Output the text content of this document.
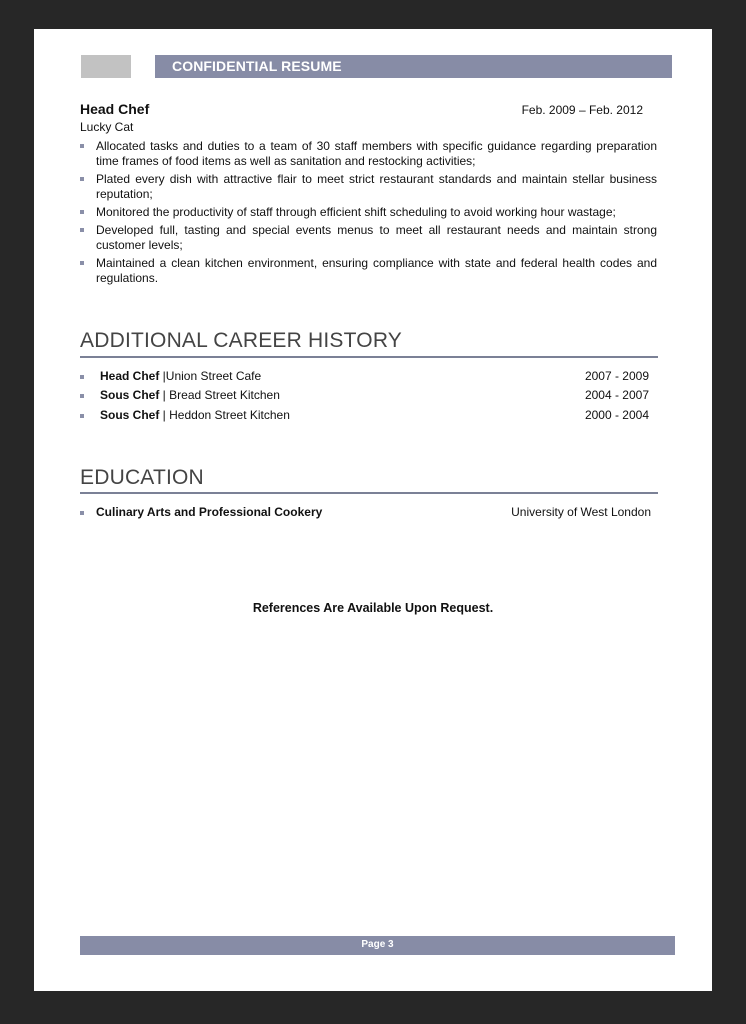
CONFIDENTIAL RESUME
Head Chef	Feb. 2009 – Feb. 2012
Lucky Cat
Allocated tasks and duties to a team of 30 staff members with specific guidance regarding preparation time frames of food items as well as sanitation and restocking activities;
Plated every dish with attractive flair to meet strict restaurant standards and maintain stellar business reputation;
Monitored the productivity of staff through efficient shift scheduling to avoid working hour wastage;
Developed full, tasting and special events menus to meet all restaurant needs and maintain strong customer levels;
Maintained a clean kitchen environment, ensuring compliance with state and federal health codes and regulations.
ADDITIONAL CAREER HISTORY
Head Chef |Union Street Cafe	2007 - 2009
Sous Chef | Bread Street Kitchen	2004 - 2007
Sous Chef | Heddon Street Kitchen	2000 - 2004
EDUCATION
Culinary Arts and Professional Cookery	University of West London
References Are Available Upon Request.
Page 3
